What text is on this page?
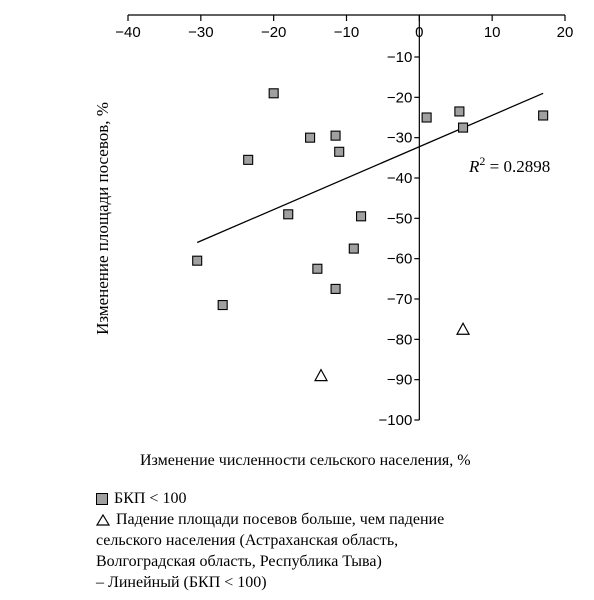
−40	−30	−20	−10	0	10	20
−10
−20
−30
−40
−50
−60
−70
−80
−90
−100
Изменение площади посевов, %	$R^2 = 0.2898$
Изменение численности сельского населения, %
БКП < 100
Падение площади посевов больше, чем падение
сельского населения (Астраханская область,
Волгоградская область, Республика Тыва)
– Линейный (БКП < 100)
